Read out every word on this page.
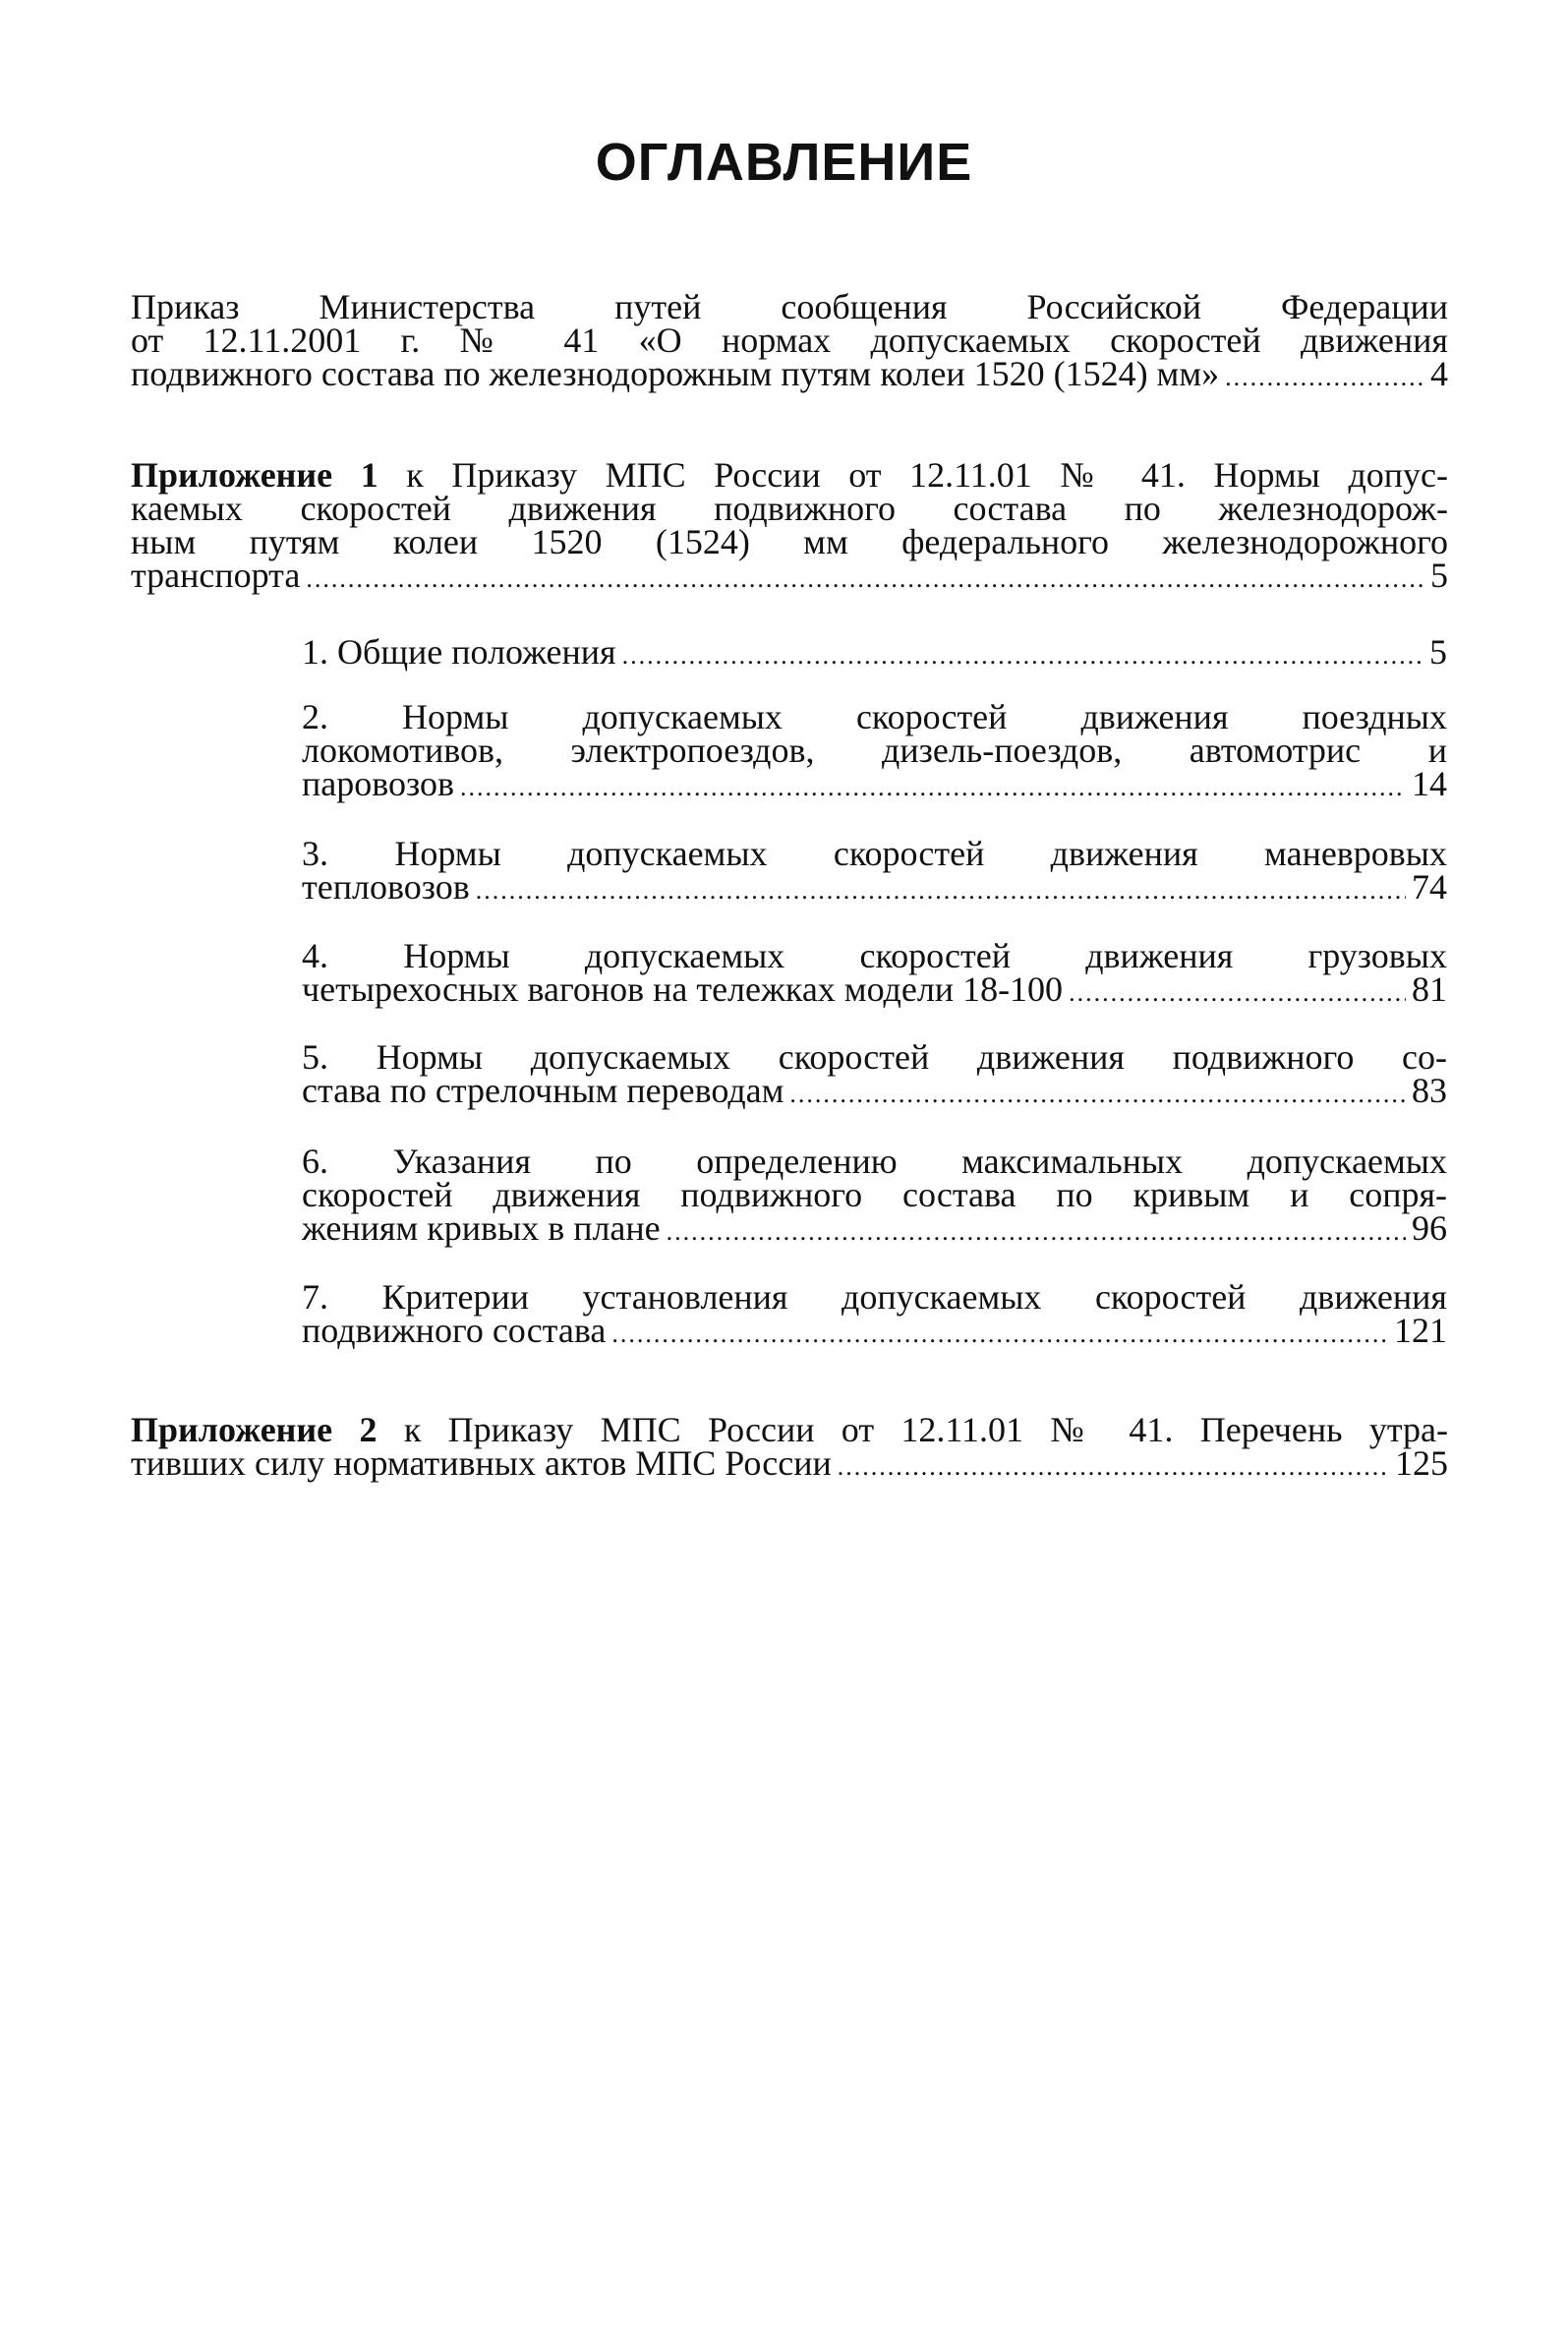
ОГЛАВЛЕНИЕ
Приказ Министерства путей сообщения Российской Федерации
от 12.11.2001 г. № 41 «О нормах допускаемых скоростей движения
подвижного состава по железнодорожным путям колеи 1520 (1524) мм» .....	4
Приложение 1 к Приказу МПС России от 12.11.01 № 41. Нормы допус-
каемых скоростей движения подвижного состава по железнодорож-
ным путям колеи 1520 (1524) мм федерального железнодорожного
транспорта .....	5
1. Общие положения .....	5
2. Нормы допускаемых скоростей движения поездных
локомотивов, электропоездов, дизель-поездов, автомотрис и
паровозов .....	14
3. Нормы допускаемых скоростей движения маневровых
тепловозов .....	74
4. Нормы допускаемых скоростей движения грузовых
четырехосных вагонов на тележках модели 18-100 .....	81
5. Нормы допускаемых скоростей движения подвижного со-
става по стрелочным переводам .....	83
6. Указания по определению максимальных допускаемых
скоростей движения подвижного состава по кривым и сопря-
жениям кривых в плане .....	96
7. Критерии установления допускаемых скоростей движения
подвижного состава .....	121
Приложение 2 к Приказу МПС России от 12.11.01 № 41. Перечень утра-
тивших силу нормативных актов МПС России .....	125
